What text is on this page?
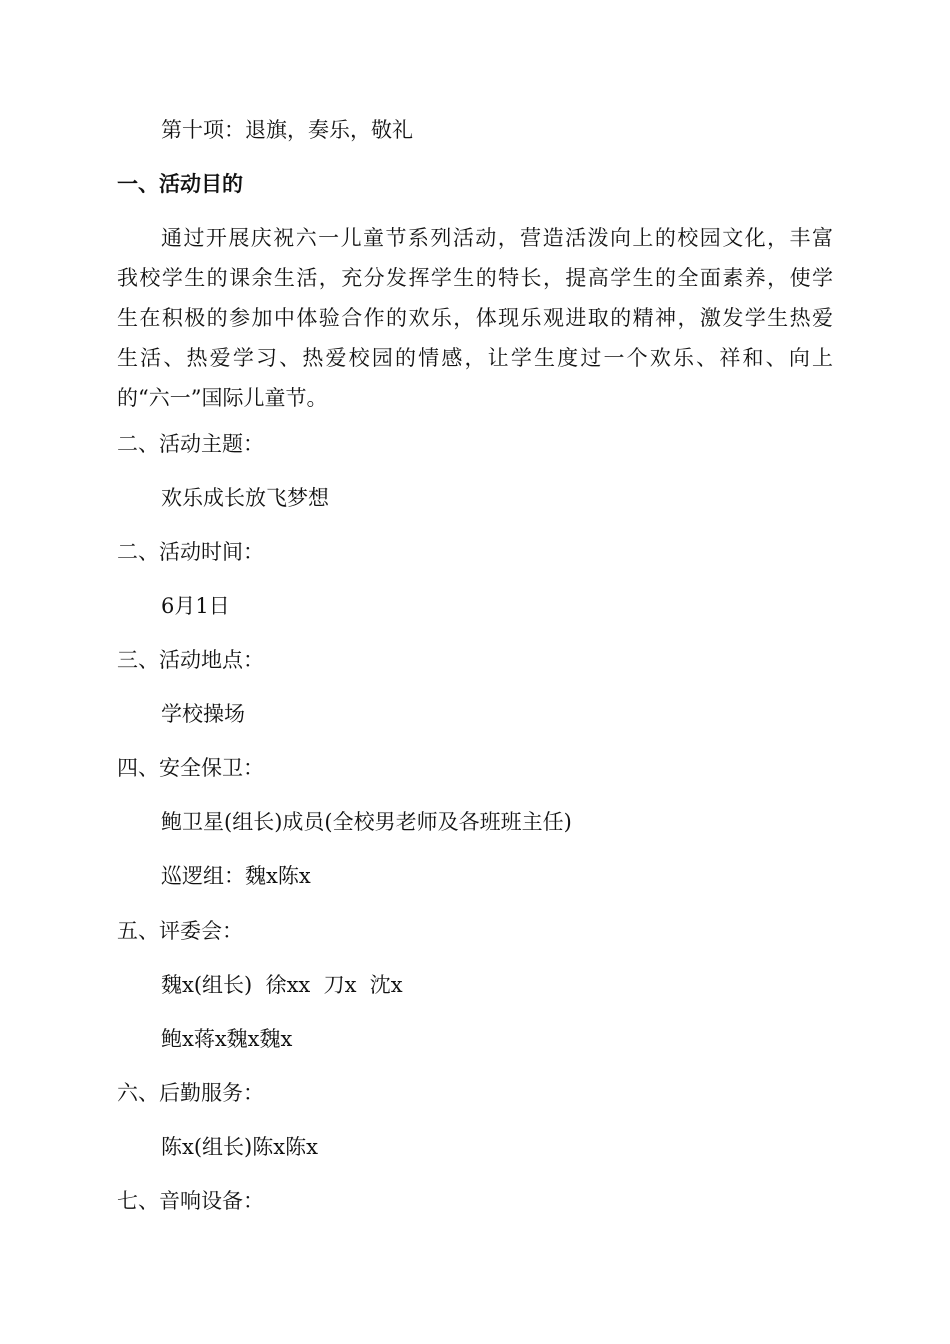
第十项：退旗，奏乐，敬礼
一、活动目的
通过开展庆祝六一儿童节系列活动，营造活泼向上的校园文化，丰富
我校学生的课余生活，充分发挥学生的特长，提高学生的全面素养，使学
生在积极的参加中体验合作的欢乐，体现乐观进取的精神，激发学生热爱
生活、热爱学习、热爱校园的情感，让学生度过一个欢乐、祥和、向上
的“六一”国际儿童节。
二、活动主题：
欢乐成长放飞梦想
二、活动时间：
6月1日
三、活动地点：
学校操场
四、安全保卫：
鲍卫星(组长)成员(全校男老师及各班班主任)
巡逻组：魏x陈x
五、评委会：
魏x(组长)  徐xx  刀x  沈x
鲍x蒋x魏x魏x
六、后勤服务：
陈x(组长)陈x陈x
七、音响设备：
